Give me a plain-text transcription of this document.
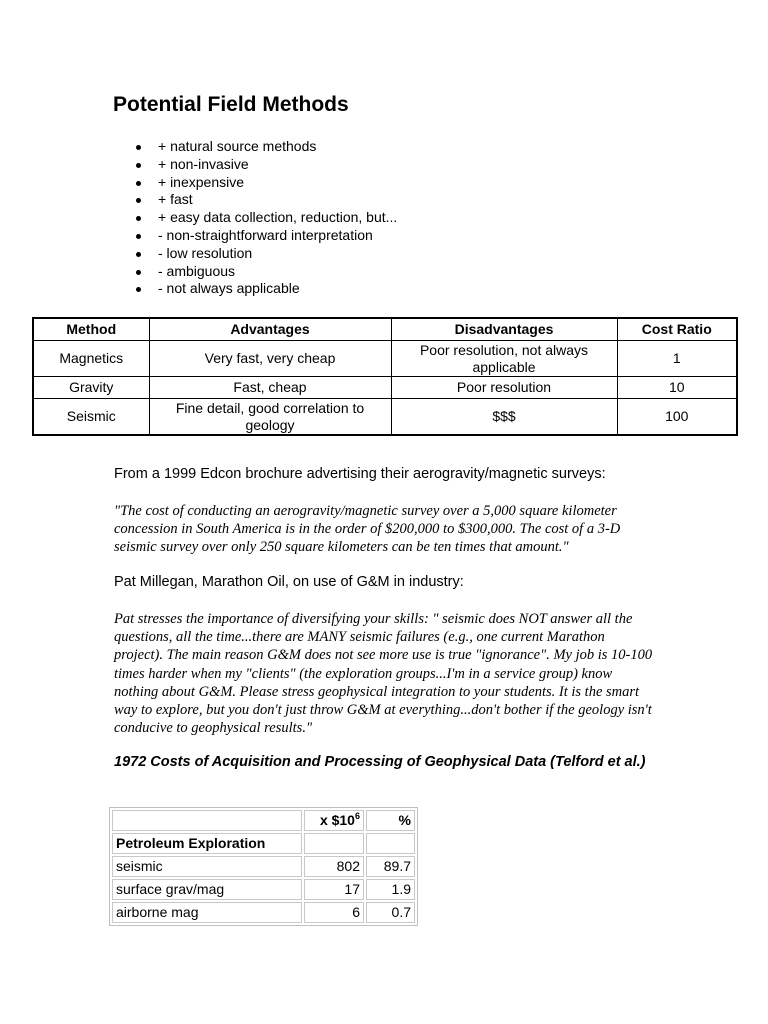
Potential Field Methods
+ natural source methods
+ non-invasive
+ inexpensive
+ fast
+ easy data collection, reduction, but...
- non-straightforward interpretation
- low resolution
- ambiguous
- not always applicable
Method	Advantages	Disadvantages	Cost Ratio
Magnetics	Very fast, very cheap	Poor resolution, not always applicable	1
Gravity	Fast, cheap	Poor resolution	10
Seismic	Fine detail, good correlation to geology	$$$	100
From a 1999 Edcon brochure advertising their aerogravity/magnetic surveys:

"The cost of conducting an aerogravity/magnetic survey over a 5,000 square kilometer concession in South America is in the order of $200,000 to $300,000. The cost of a 3-D seismic survey over only 250 square kilometers can be ten times that amount."

Pat Millegan, Marathon Oil, on use of G&M in industry:

Pat stresses the importance of diversifying your skills: " seismic does NOT answer all the questions, all the time...there are MANY seismic failures (e.g., one current Marathon project). The main reason G&M does not see more use is true "ignorance". My job is 10-100 times harder when my "clients" (the exploration groups...I'm in a service group) know nothing about G&M. Please stress geophysical integration to your students. It is the smart way to explore, but you don't just throw G&M at everything...don't bother if the geology isn't conducive to geophysical results."

1972 Costs of Acquisition and Processing of Geophysical Data (Telford et al.)

	x $\$10^6$	%
Petroleum Exploration		
seismic	802	89.7
surface grav/mag	17	1.9
airborne mag	6	0.7
